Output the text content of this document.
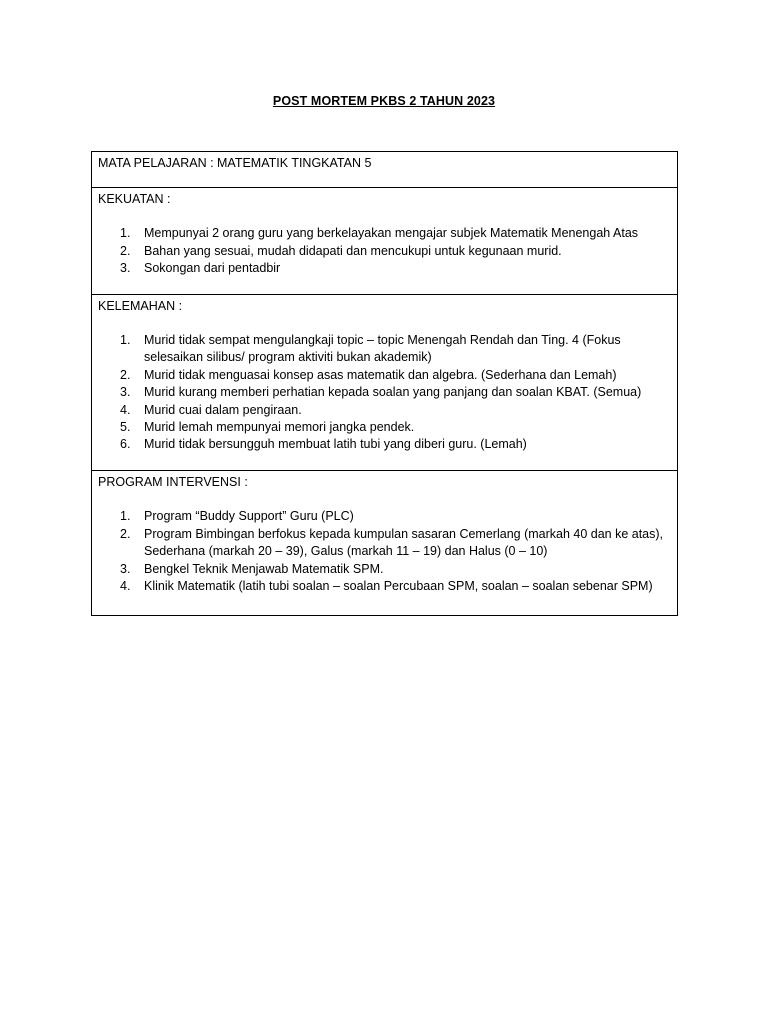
POST MORTEM PKBS 2 TAHUN 2023
MATA PELAJARAN : MATEMATIK TINGKATAN 5

KEKUATAN :
Mempunyai 2 orang guru yang berkelayakan mengajar subjek Matematik Menengah Atas
Bahan yang sesuai, mudah didapati dan mencukupi untuk kegunaan murid.
Sokongan dari pentadbir

KELEMAHAN :
Murid tidak sempat mengulangkaji topic – topic Menengah Rendah dan Ting. 4 (Fokus selesaikan silibus/ program aktiviti bukan akademik)
Murid tidak menguasai konsep asas matematik dan algebra. (Sederhana dan Lemah)
Murid kurang memberi perhatian kepada soalan yang panjang dan soalan KBAT. (Semua)
Murid cuai dalam pengiraan.
Murid lemah mempunyai memori jangka pendek.
Murid tidak bersungguh membuat latih tubi yang diberi guru. (Lemah)

PROGRAM INTERVENSI :
Program “Buddy Support” Guru (PLC)
Program Bimbingan berfokus kepada kumpulan sasaran Cemerlang (markah 40 dan ke atas), Sederhana (markah 20 – 39), Galus (markah 11 – 19) dan Halus (0 – 10)
Bengkel Teknik Menjawab Matematik SPM.
Klinik Matematik (latih tubi soalan – soalan Percubaan SPM, soalan – soalan sebenar SPM)
